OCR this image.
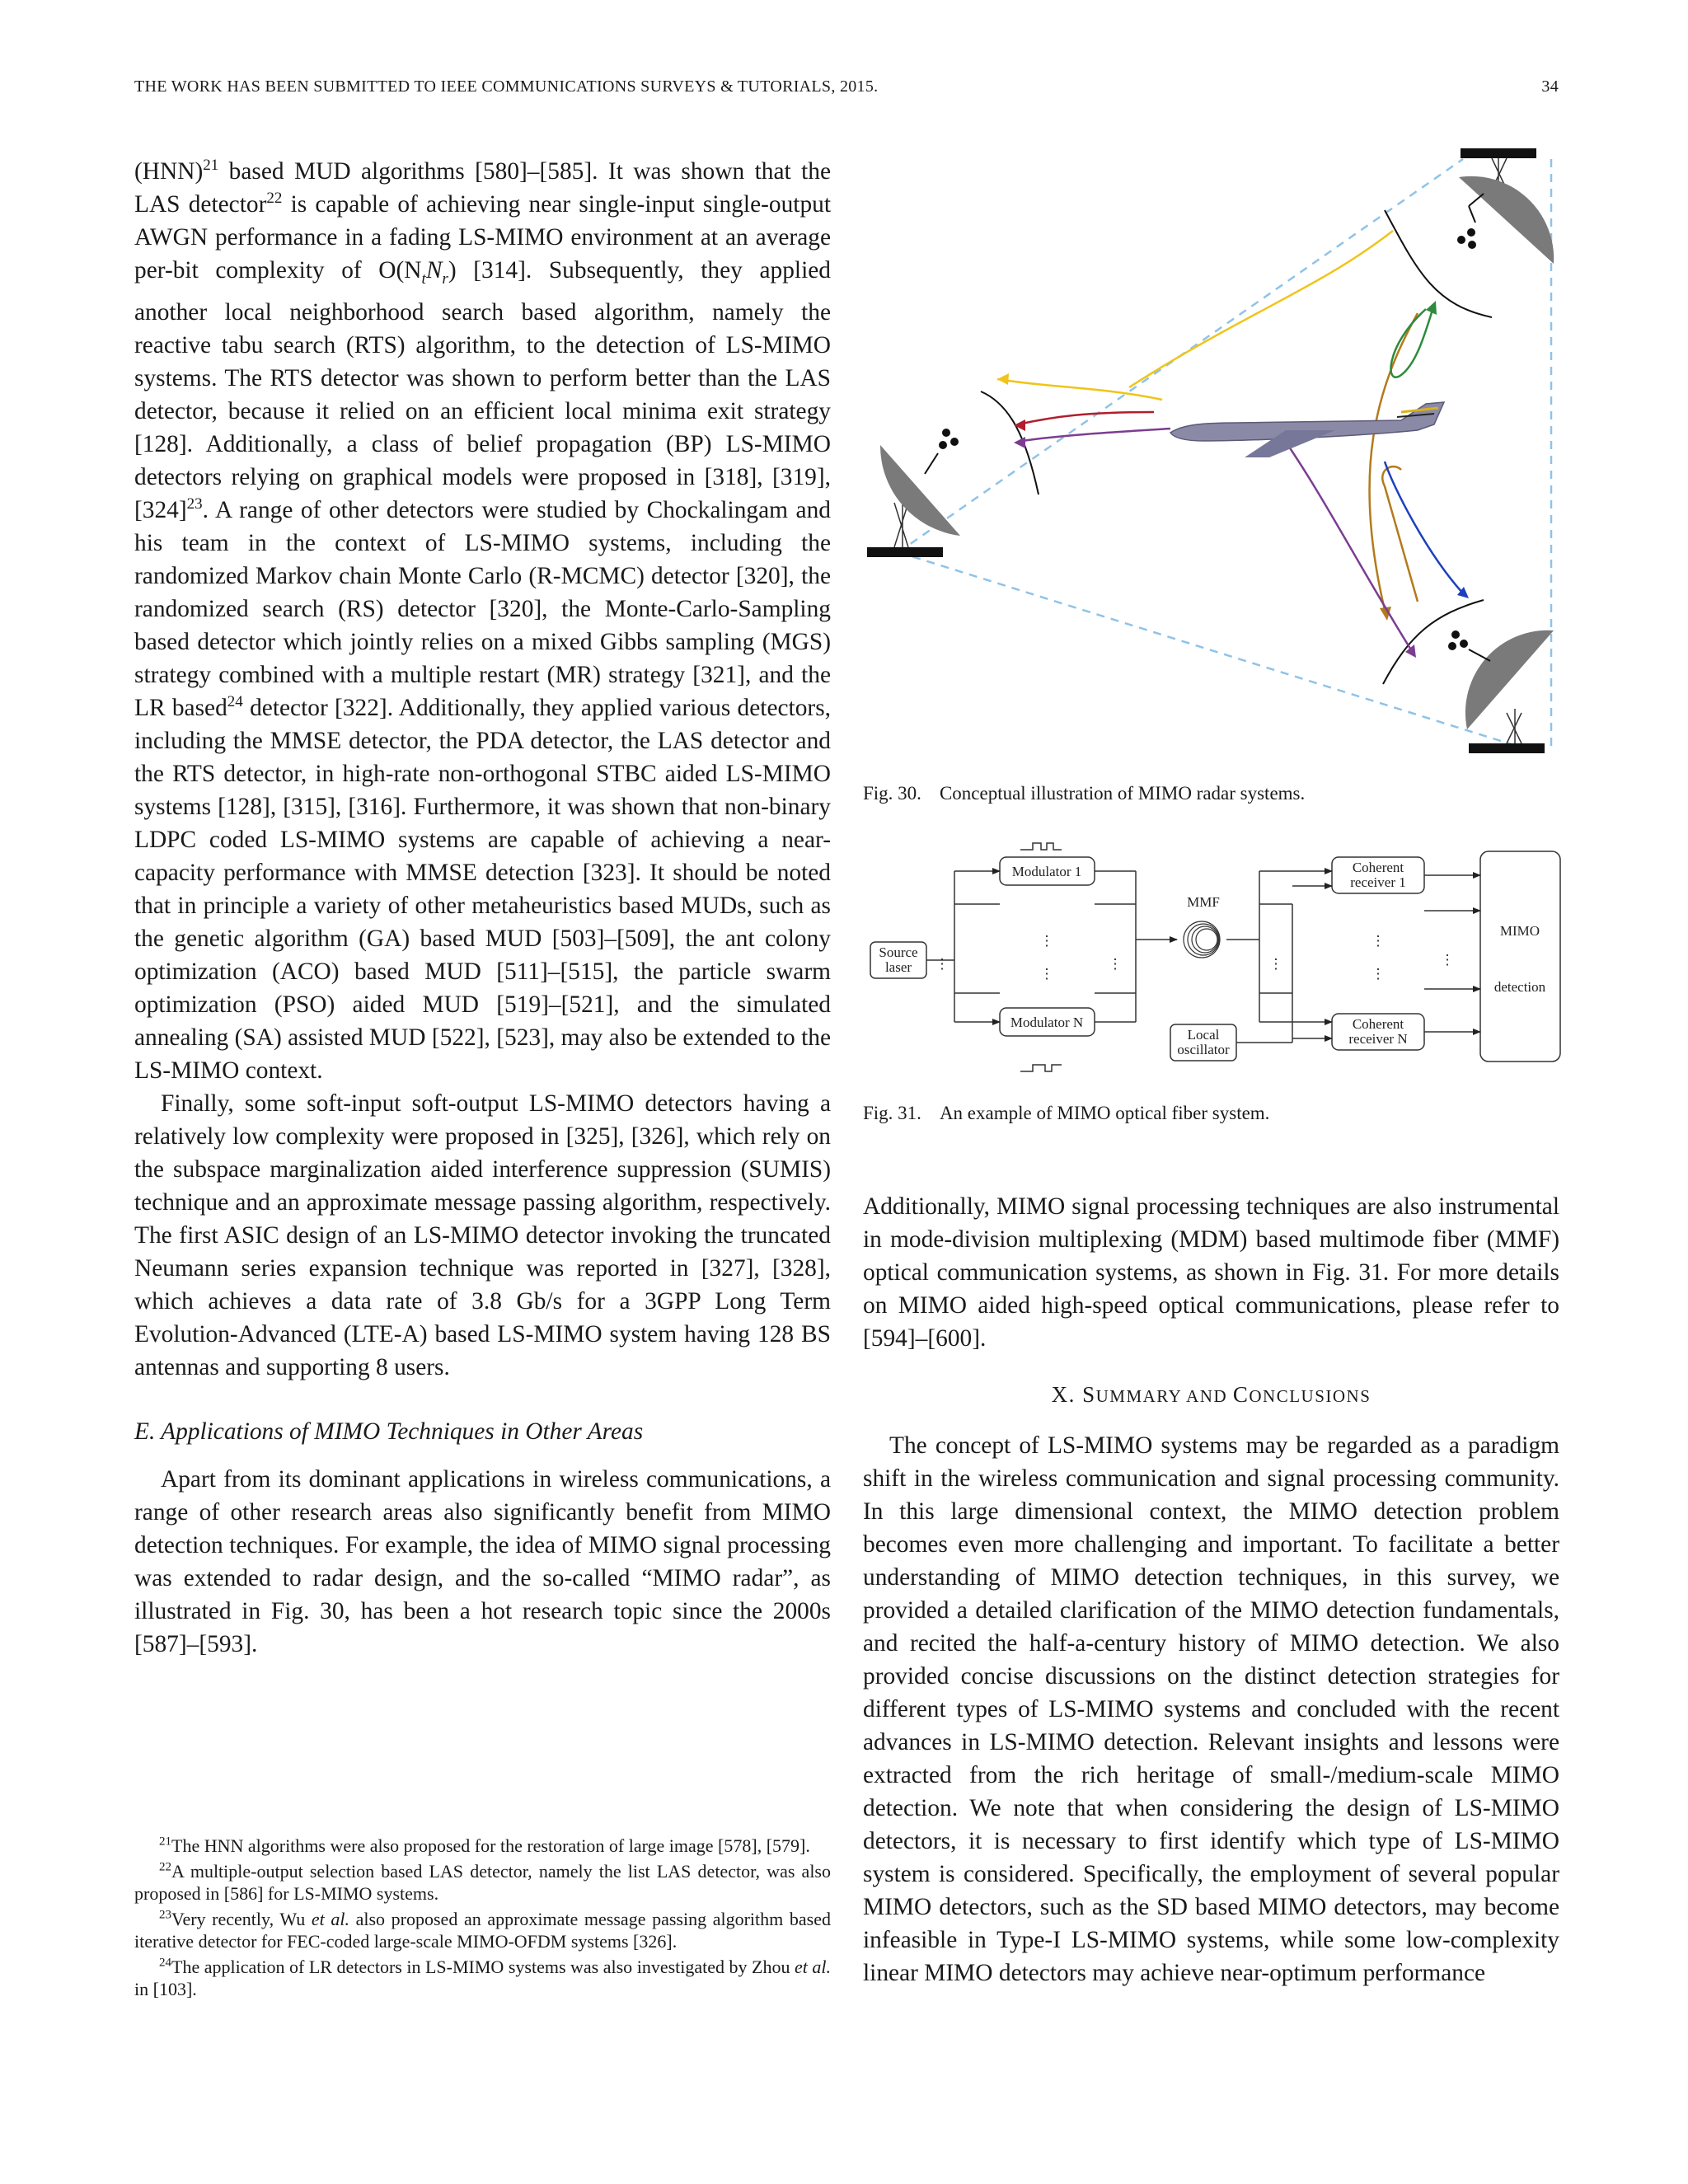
THE WORK HAS BEEN SUBMITTED TO IEEE COMMUNICATIONS SURVEYS & TUTORIALS, 2015.	34

(HNN)$^{21}$ based MUD algorithms [580]–[585]. It was shown that the LAS detector$^{22}$ is capable of achieving near single-input single-output AWGN performance in a fading LS-MIMO environment at an average per-bit complexity of $O(N_tN_r)$ [314]. Subsequently, they applied another local neighborhood search based algorithm, namely the reactive tabu search (RTS) algorithm, to the detection of LS-MIMO systems. The RTS detector was shown to perform better than the LAS detector, because it relied on an efficient local minima exit strategy [128]. Additionally, a class of belief propagation (BP) LS-MIMO detectors relying on graphical models were proposed in [318], [319], $[324]^{23}$. A range of other detectors were studied by Chockalingam and his team in the context of LS-MIMO systems, including the randomized Markov chain Monte Carlo (R-MCMC) detector [320], the randomized search (RS) detector [320], the Monte-Carlo-Sampling based detector which jointly relies on a mixed Gibbs sampling (MGS) strategy combined with a multiple restart (MR) strategy [321], and the LR based$^{24}$ detector [322]. Additionally, they applied various detectors, including the MMSE detector, the PDA detector, the LAS detector and the RTS detector, in high-rate non-orthogonal STBC aided LS-MIMO systems [128], [315], [316]. Furthermore, it was shown that non-binary LDPC coded LS-MIMO systems are capable of achieving a near-capacity performance with MMSE detection [323]. It should be noted that in principle a variety of other metaheuristics based MUDs, such as the genetic algorithm (GA) based MUD [503]–[509], the ant colony optimization (ACO) based MUD [511]–[515], the particle swarm optimization (PSO) aided MUD [519]–[521], and the simulated annealing (SA) assisted MUD [522], [523], may also be extended to the LS-MIMO context.

Finally, some soft-input soft-output LS-MIMO detectors having a relatively low complexity were proposed in [325], [326], which rely on the subspace marginalization aided interference suppression (SUMIS) technique and an approximate message passing algorithm, respectively. The first ASIC design of an LS-MIMO detector invoking the truncated Neumann series expansion technique was reported in [327], [328], which achieves a data rate of 3.8 Gb/s for a 3GPP Long Term Evolution-Advanced (LTE-A) based LS-MIMO system having 128 BS antennas and supporting 8 users.

E. Applications of MIMO Techniques in Other Areas

Apart from its dominant applications in wireless communications, a range of other research areas also significantly benefit from MIMO detection techniques. For example, the idea of MIMO signal processing was extended to radar design, and the so-called “MIMO radar”, as illustrated in Fig. 30, has been a hot research topic since the 2000s [587]–[593].

$^{21}$The HNN algorithms were also proposed for the restoration of large image [578], [579].

$^{22}$A multiple-output selection based LAS detector, namely the list LAS detector, was also proposed in [586] for LS-MIMO systems.

$^{23}$Very recently, Wu et al. also proposed an approximate message passing algorithm based iterative detector for FEC-coded large-scale MIMO-OFDM systems [326].

$^{24}$The application of LR detectors in LS-MIMO systems was also investigated by Zhou et al. in [103].

Fig. 30. Conceptual illustration of MIMO radar systems.
Source
laser
Modulator 1
Modulator N
MMF
Local
oscillator
Coherent
receiver 1
Coherent
receiver N
MIMO
detection
⋮
⋮
⋮
⋮	⋮
⋮
⋮
⋮
Fig. 31. An example of MIMO optical fiber system.

Additionally, MIMO signal processing techniques are also instrumental in mode-division multiplexing (MDM) based multimode fiber (MMF) optical communication systems, as shown in Fig. 31. For more details on MIMO aided high-speed optical communications, please refer to [594]–[600].

X. SUMMARY AND CONCLUSIONS

The concept of LS-MIMO systems may be regarded as a paradigm shift in the wireless communication and signal processing community. In this large dimensional context, the MIMO detection problem becomes even more challenging and important. To facilitate a better understanding of MIMO detection techniques, in this survey, we provided a detailed clarification of the MIMO detection fundamentals, and recited the half-a-century history of MIMO detection. We also provided concise discussions on the distinct detection strategies for different types of LS-MIMO systems and concluded with the recent advances in LS-MIMO detection. Relevant insights and lessons were extracted from the rich heritage of small-/medium-scale MIMO detection. We note that when considering the design of LS-MIMO detectors, it is necessary to first identify which type of LS-MIMO system is considered. Specifically, the employment of several popular MIMO detectors, such as the SD based MIMO detectors, may become infeasible in Type-I LS-MIMO systems, while some low-complexity linear MIMO detectors may achieve near-optimum performance
